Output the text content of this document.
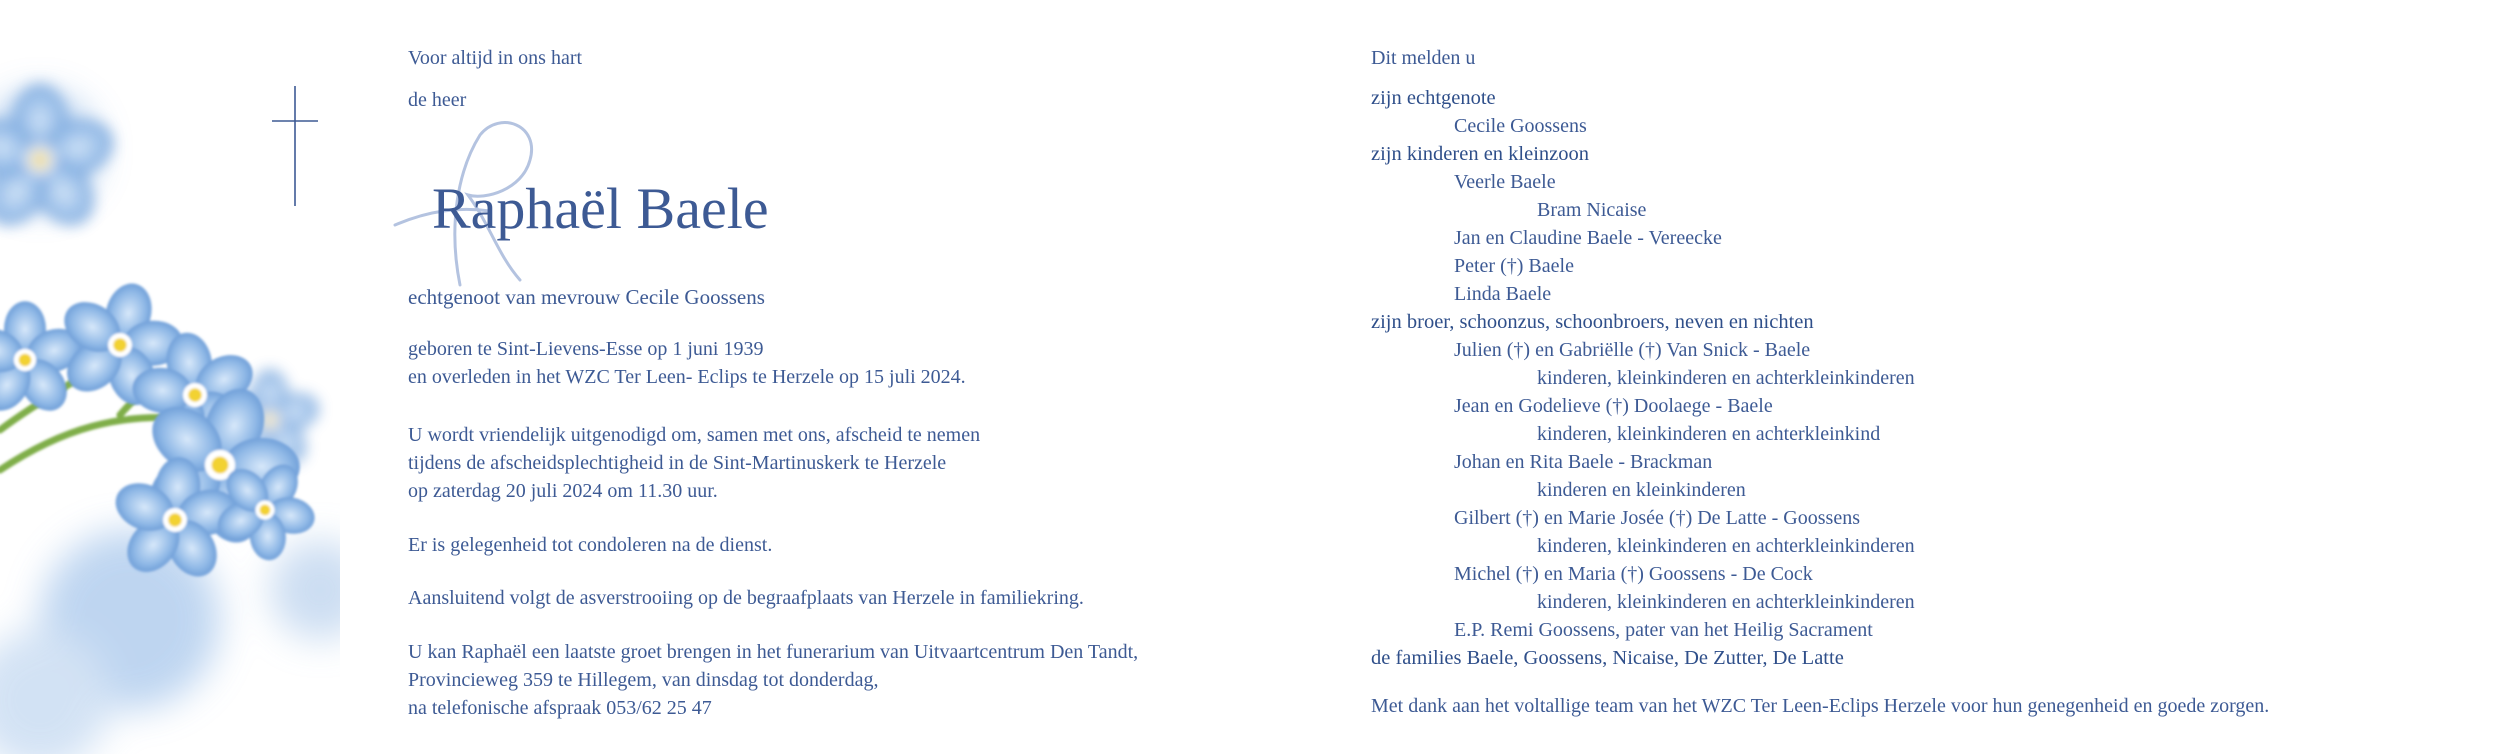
Voor altijd in ons hart
de heer
Raphaël Baele
echtgenoot van mevrouw Cecile Goossens
geboren te Sint-Lievens-Esse op 1 juni 1939
en overleden in het WZC Ter Leen- Eclips te Herzele op 15 juli 2024.
U wordt vriendelijk uitgenodigd om, samen met ons, afscheid te nemen
tijdens de afscheidsplechtigheid in de Sint-Martinuskerk te Herzele
op zaterdag 20 juli 2024 om 11.30 uur.
Er is gelegenheid tot condoleren na de dienst.
Aansluitend volgt de asverstrooiing op de begraafplaats van Herzele in familiekring.
U kan Raphaël een laatste groet brengen in het funerarium van Uitvaartcentrum Den Tandt,
Provincieweg 359 te Hillegem, van dinsdag tot donderdag,
na telefonische afspraak 053/62 25 47
Dit melden u
zijn echtgenote
Cecile Goossens
zijn kinderen en kleinzoon
Veerle Baele
Bram Nicaise
Jan en Claudine Baele - Vereecke
Peter (†) Baele
Linda Baele
zijn broer, schoonzus, schoonbroers, neven en nichten
Julien (†) en Gabriëlle (†) Van Snick - Baele
kinderen, kleinkinderen en achterkleinkinderen
Jean en Godelieve (†) Doolaege - Baele
kinderen, kleinkinderen en achterkleinkind
Johan en Rita Baele - Brackman
kinderen en kleinkinderen
Gilbert (†) en Marie Josée (†) De Latte - Goossens
kinderen, kleinkinderen en achterkleinkinderen
Michel (†) en Maria (†) Goossens - De Cock
kinderen, kleinkinderen en achterkleinkinderen
E.P. Remi Goossens, pater van het Heilig Sacrament
de families Baele, Goossens, Nicaise, De Zutter, De Latte
Met dank aan het voltallige team van het WZC Ter Leen-Eclips Herzele voor hun genegenheid en goede zorgen.
